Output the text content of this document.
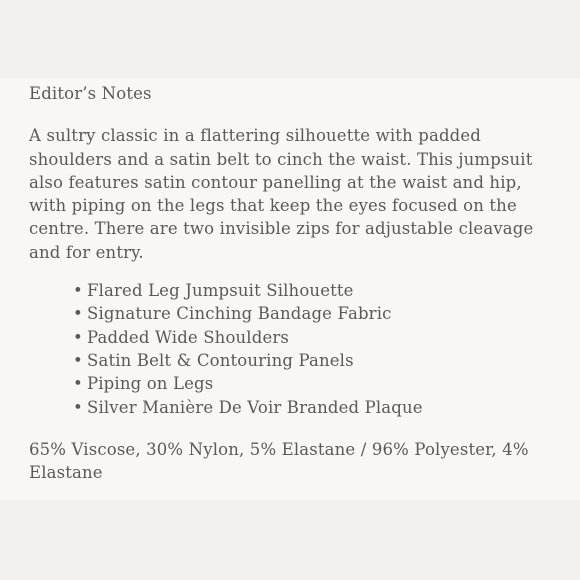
Editor’s Notes

A sultry classic in a flattering silhouette with padded shoulders and a satin belt to cinch the waist. This jumpsuit also features satin contour panelling at the waist and hip, with piping on the legs that keep the eyes focused on the centre. There are two invisible zips for adjustable cleavage and for entry.

• Flared Leg Jumpsuit Silhouette
• Signature Cinching Bandage Fabric
• Padded Wide Shoulders
• Satin Belt & Contouring Panels
• Piping on Legs
• Silver Manière De Voir Branded Plaque

65% Viscose, 30% Nylon, 5% Elastane / 96% Polyester, 4% Elastane
